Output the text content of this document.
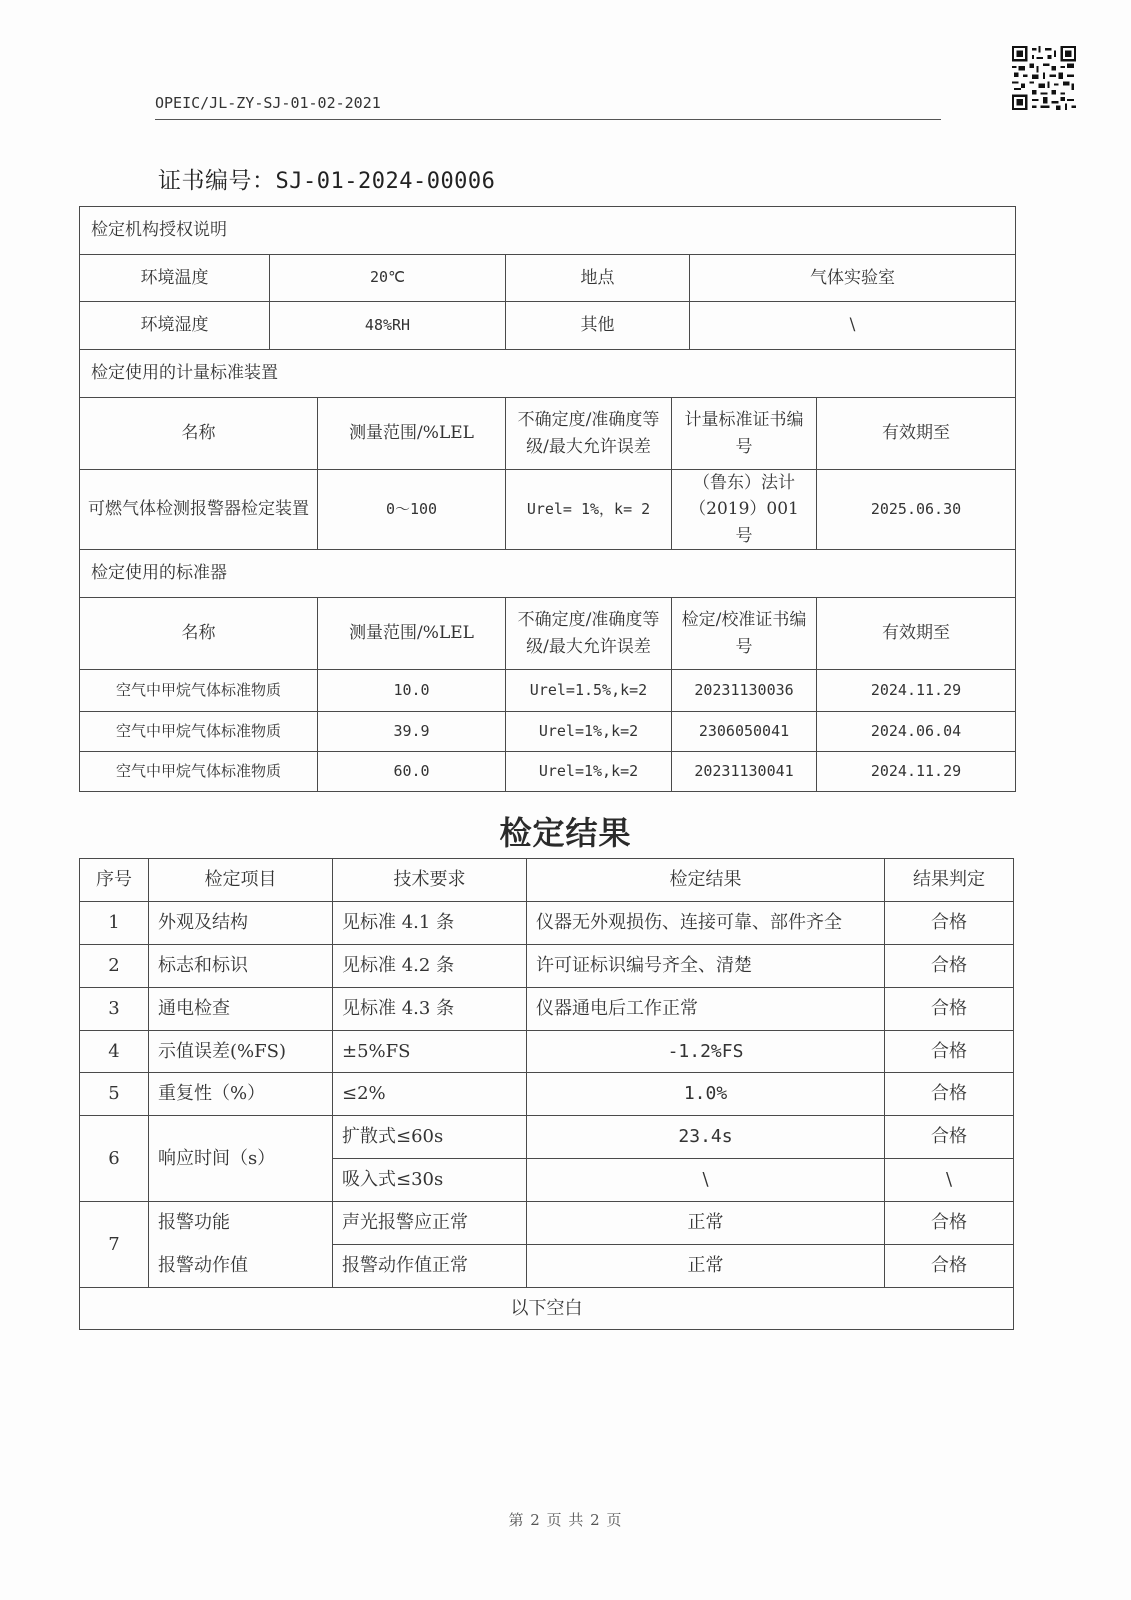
OPEIC/JL-ZY-SJ-01-02-2021
证书编号：SJ-01-2024-00006
检定机构授权说明						
环境温度	20℃		地点		气体实验室	
环境湿度	48%RH		其他		\	
检定使用的计量标准装置						
名称		测量范围/%LEL	不确定度/准确度等级/最大允许误差	计量标准证书编号		有效期至
可燃气体检测报警器检定装置		0～100	Urel= 1%，k= 2	（鲁东）法计（2019）001 号		2025.06.30
检定使用的标准器						
名称		测量范围/%LEL	不确定度/准确度等级/最大允许误差	检定/校准证书编号		有效期至
空气中甲烷气体标准物质		10.0	Urel=1.5%,k=2	20231130036		2024.11.29
空气中甲烷气体标准物质		39.9	Urel=1%,k=2	2306050041		2024.06.04
空气中甲烷气体标准物质		60.0	Urel=1%,k=2	20231130041		2024.11.29
检定结果
序号	检定项目	技术要求	检定结果	结果判定
1	外观及结构	见标准 4.1 条	仪器无外观损伤、连接可靠、部件齐全	合格
2	标志和标识	见标准 4.2 条	许可证标识编号齐全、清楚	合格
3	通电检查	见标准 4.3 条	仪器通电后工作正常	合格
4	示值误差(%FS)	±5%FS	-1.2%FS	合格
5	重复性（%）	≤2%	1.0%	合格
6	响应时间（s）	扩散式≤60s	23.4s	合格
		吸入式≤30s	\	\
7	报警功能	声光报警应正常	正常	合格
	报警动作值	报警动作值正常	正常	合格
以下空白				
第 2 页 共 2 页
